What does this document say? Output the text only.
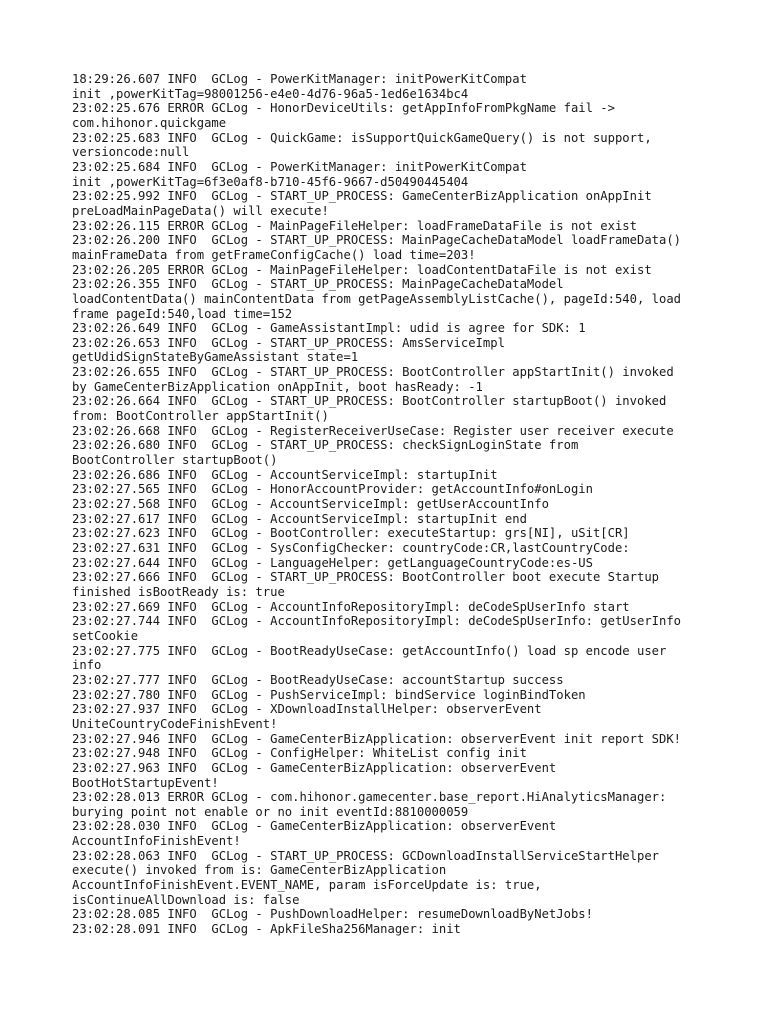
18:29:26.607 INFO  GCLog - PowerKitManager: initPowerKitCompat

init ,powerKitTag=98001256-e4e0-4d76-96a5-1ed6e1634bc4

23:02:25.676 ERROR GCLog - HonorDeviceUtils: getAppInfoFromPkgName fail ->

com.hihonor.quickgame

23:02:25.683 INFO  GCLog - QuickGame: isSupportQuickGameQuery() is not support,

versioncode:null

23:02:25.684 INFO  GCLog - PowerKitManager: initPowerKitCompat

init ,powerKitTag=6f3e0af8-b710-45f6-9667-d50490445404

23:02:25.992 INFO  GCLog - START_UP_PROCESS: GameCenterBizApplication onAppInit

preLoadMainPageData() will execute!

23:02:26.115 ERROR GCLog - MainPageFileHelper: loadFrameDataFile is not exist

23:02:26.200 INFO  GCLog - START_UP_PROCESS: MainPageCacheDataModel loadFrameData()

mainFrameData from getFrameConfigCache() load time=203!

23:02:26.205 ERROR GCLog - MainPageFileHelper: loadContentDataFile is not exist

23:02:26.355 INFO  GCLog - START_UP_PROCESS: MainPageCacheDataModel

loadContentData() mainContentData from getPageAssemblyListCache(), pageId:540, load

frame pageId:540,load time=152

23:02:26.649 INFO  GCLog - GameAssistantImpl: udid is agree for SDK: 1

23:02:26.653 INFO  GCLog - START_UP_PROCESS: AmsServiceImpl

getUdidSignStateByGameAssistant state=1

23:02:26.655 INFO  GCLog - START_UP_PROCESS: BootController appStartInit() invoked

by GameCenterBizApplication onAppInit, boot hasReady: -1

23:02:26.664 INFO  GCLog - START_UP_PROCESS: BootController startupBoot() invoked

from: BootController appStartInit()

23:02:26.668 INFO  GCLog - RegisterReceiverUseCase: Register user receiver execute

23:02:26.680 INFO  GCLog - START_UP_PROCESS: checkSignLoginState from

BootController startupBoot()

23:02:26.686 INFO  GCLog - AccountServiceImpl: startupInit

23:02:27.565 INFO  GCLog - HonorAccountProvider: getAccountInfo#onLogin

23:02:27.568 INFO  GCLog - AccountServiceImpl: getUserAccountInfo

23:02:27.617 INFO  GCLog - AccountServiceImpl: startupInit end

23:02:27.623 INFO  GCLog - BootController: executeStartup: grs[NI], uSit[CR]

23:02:27.631 INFO  GCLog - SysConfigChecker: countryCode:CR,lastCountryCode:

23:02:27.644 INFO  GCLog - LanguageHelper: getLanguageCountryCode:es-US

23:02:27.666 INFO  GCLog - START_UP_PROCESS: BootController boot execute Startup

finished isBootReady is: true

23:02:27.669 INFO  GCLog - AccountInfoRepositoryImpl: deCodeSpUserInfo start

23:02:27.744 INFO  GCLog - AccountInfoRepositoryImpl: deCodeSpUserInfo: getUserInfo

setCookie

23:02:27.775 INFO  GCLog - BootReadyUseCase: getAccountInfo() load sp encode user

info

23:02:27.777 INFO  GCLog - BootReadyUseCase: accountStartup success

23:02:27.780 INFO  GCLog - PushServiceImpl: bindService loginBindToken

23:02:27.937 INFO  GCLog - XDownloadInstallHelper: observerEvent

UniteCountryCodeFinishEvent!

23:02:27.946 INFO  GCLog - GameCenterBizApplication: observerEvent init report SDK!

23:02:27.948 INFO  GCLog - ConfigHelper: WhiteList config init

23:02:27.963 INFO  GCLog - GameCenterBizApplication: observerEvent

BootHotStartupEvent!

23:02:28.013 ERROR GCLog - com.hihonor.gamecenter.base_report.HiAnalyticsManager:

burying point not enable or no init eventId:8810000059

23:02:28.030 INFO  GCLog - GameCenterBizApplication: observerEvent

AccountInfoFinishEvent!

23:02:28.063 INFO  GCLog - START_UP_PROCESS: GCDownloadInstallServiceStartHelper

execute() invoked from is: GameCenterBizApplication

AccountInfoFinishEvent.EVENT_NAME, param isForceUpdate is: true,

isContinueAllDownload is: false

23:02:28.085 INFO  GCLog - PushDownloadHelper: resumeDownloadByNetJobs!

23:02:28.091 INFO  GCLog - ApkFileSha256Manager: init
